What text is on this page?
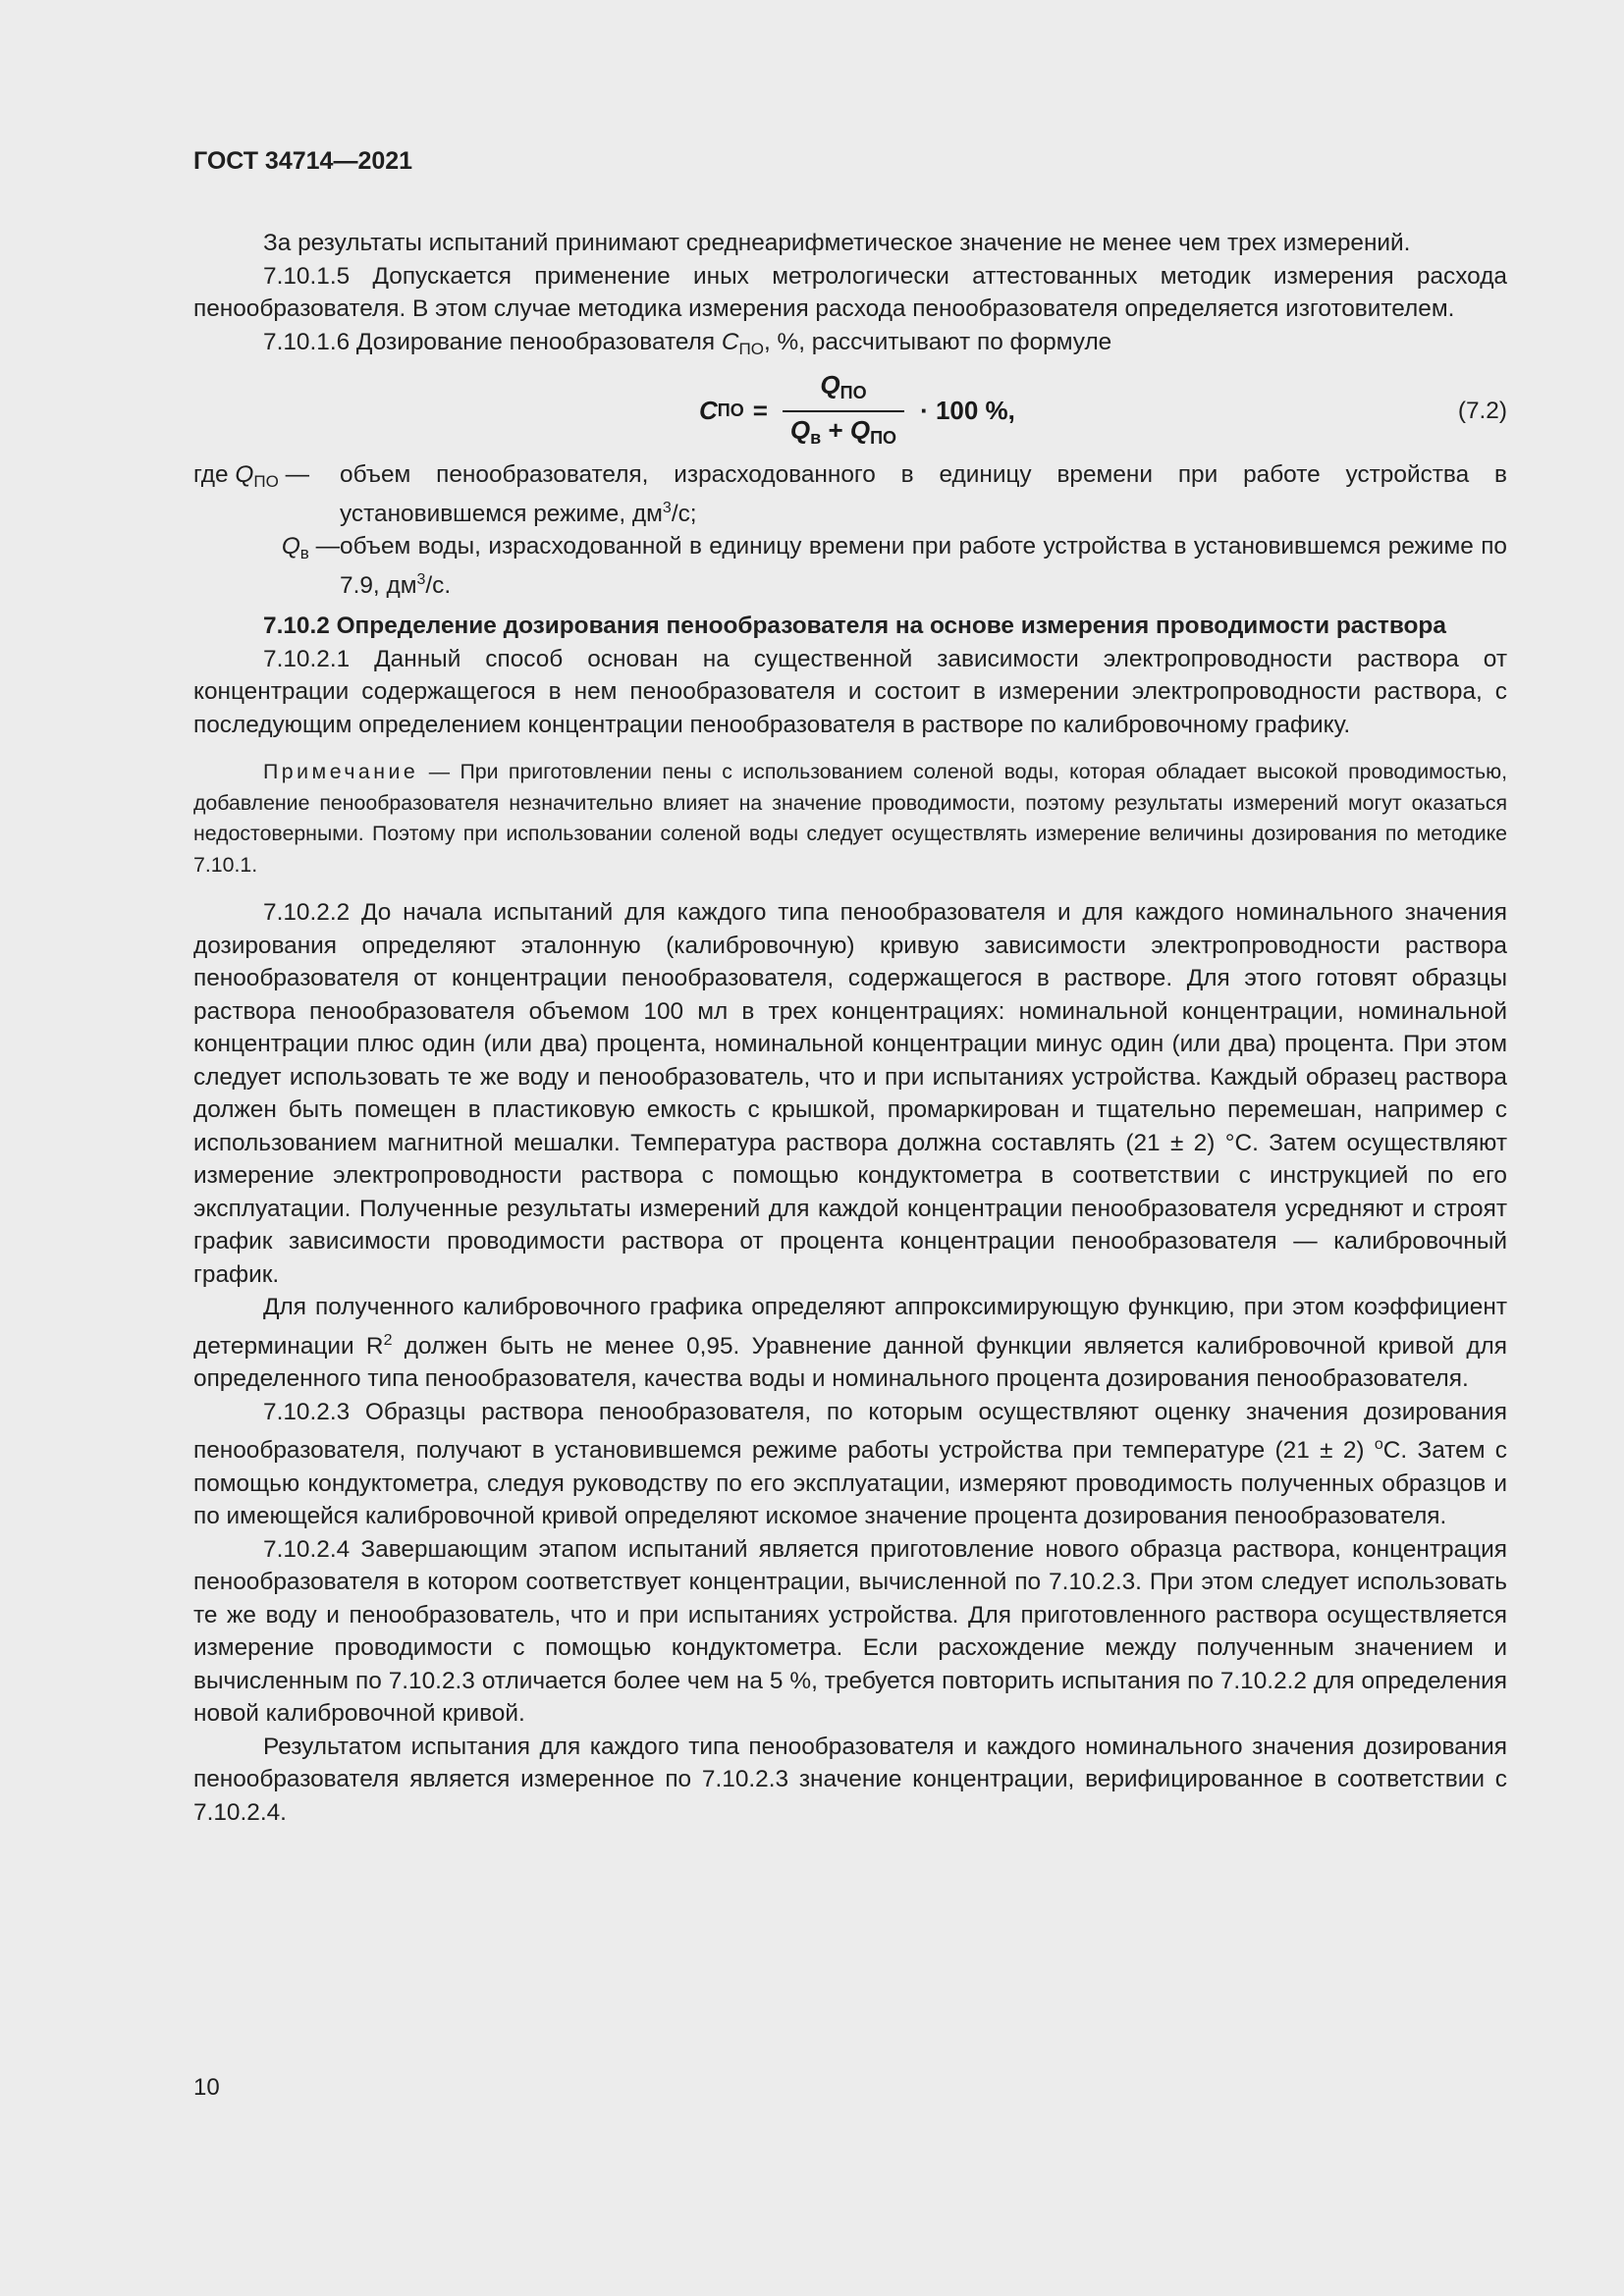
ГОСТ 34714—2021

За результаты испытаний принимают среднеарифметическое значение не менее чем трех измерений.

7.10.1.5 Допускается применение иных метрологически аттестованных методик измерения расхода пенообразователя. В этом случае методика измерения расхода пенообразователя определяется изготовителем.

7.10.1.6 Дозирование пенообразователя $C_{ПО}$, %, рассчитывают по формуле

C ПО = $\frac{\text{QПО}}{\text{Qв + QПО}} \cdot 100$ %,	(7.2)
где $Q_{ПО}$ —	объем пенообразователя, израсходованного в единицу времени при работе устройства в установившемся режиме, $дм^3/с$;
$Q_в$ — объем воды, израсходованной в единицу времени при работе устройства в установившемся режиме по 7.9, $дм^3/с$.

7.10.2 Определение дозирования пенообразователя на основе измерения проводимости раствора

7.10.2.1 Данный способ основан на существенной зависимости электропроводности раствора от концентрации содержащегося в нем пенообразователя и состоит в измерении электропроводности раствора, с последующим определением концентрации пенообразователя в растворе по калибровочному графику.

Примечание — При приготовлении пены с использованием соленой воды, которая обладает высокой проводимостью, добавление пенообразователя незначительно влияет на значение проводимости, поэтому результаты измерений могут оказаться недостоверными. Поэтому при использовании соленой воды следует осуществлять измерение величины дозирования по методике 7.10.1.

7.10.2.2 До начала испытаний для каждого типа пенообразователя и для каждого номинального значения дозирования определяют эталонную (калибровочную) кривую зависимости электропроводности раствора пенообразователя от концентрации пенообразователя, содержащегося в растворе. Для этого готовят образцы раствора пенообразователя объемом 100 мл в трех концентрациях: номинальной концентрации, номинальной концентрации плюс один (или два) процента, номинальной концентрации минус один (или два) процента. При этом следует использовать те же воду и пенообразователь, что и при испытаниях устройства. Каждый образец раствора должен быть помещен в пластиковую емкость с крышкой, промаркирован и тщательно перемешан, например с использованием магнитной мешалки. Температура раствора должна составлять (21 ± 2) °С. Затем осуществляют измерение электропроводности раствора с помощью кондуктометра в соответствии с инструкцией по его эксплуатации. Полученные результаты измерений для каждой концентрации пенообразователя усредняют и строят график зависимости проводимости раствора от процента концентрации пенообразователя — калибровочный график.

Для полученного калибровочного графика определяют аппроксимирующую функцию, при этом коэффициент детерминации $R^2$ должен быть не менее 0,95. Уравнение данной функции является калибровочной кривой для определенного типа пенообразователя, качества воды и номинального процента дозирования пенообразователя.

7.10.2.3 Образцы раствора пенообразователя, по которым осуществляют оценку значения дозирования пенообразователя, получают в установившемся режиме работы устройства при температуре (21 ± 2) $^о$С. Затем с помощью кондуктометра, следуя руководству по его эксплуатации, измеряют проводимость полученных образцов и по имеющейся калибровочной кривой определяют искомое значение процента дозирования пенообразователя.

7.10.2.4 Завершающим этапом испытаний является приготовление нового образца раствора, концентрация пенообразователя в котором соответствует концентрации, вычисленной по 7.10.2.3. При этом следует использовать те же воду и пенообразователь, что и при испытаниях устройства. Для приготовленного раствора осуществляется измерение проводимости с помощью кондуктометра. Если расхождение между полученным значением и вычисленным по 7.10.2.3 отличается более чем на 5 %, требуется повторить испытания по 7.10.2.2 для определения новой калибровочной кривой.

Результатом испытания для каждого типа пенообразователя и каждого номинального значения дозирования пенообразователя является измеренное по 7.10.2.3 значение концентрации, верифицированное в соответствии с 7.10.2.4.

10
